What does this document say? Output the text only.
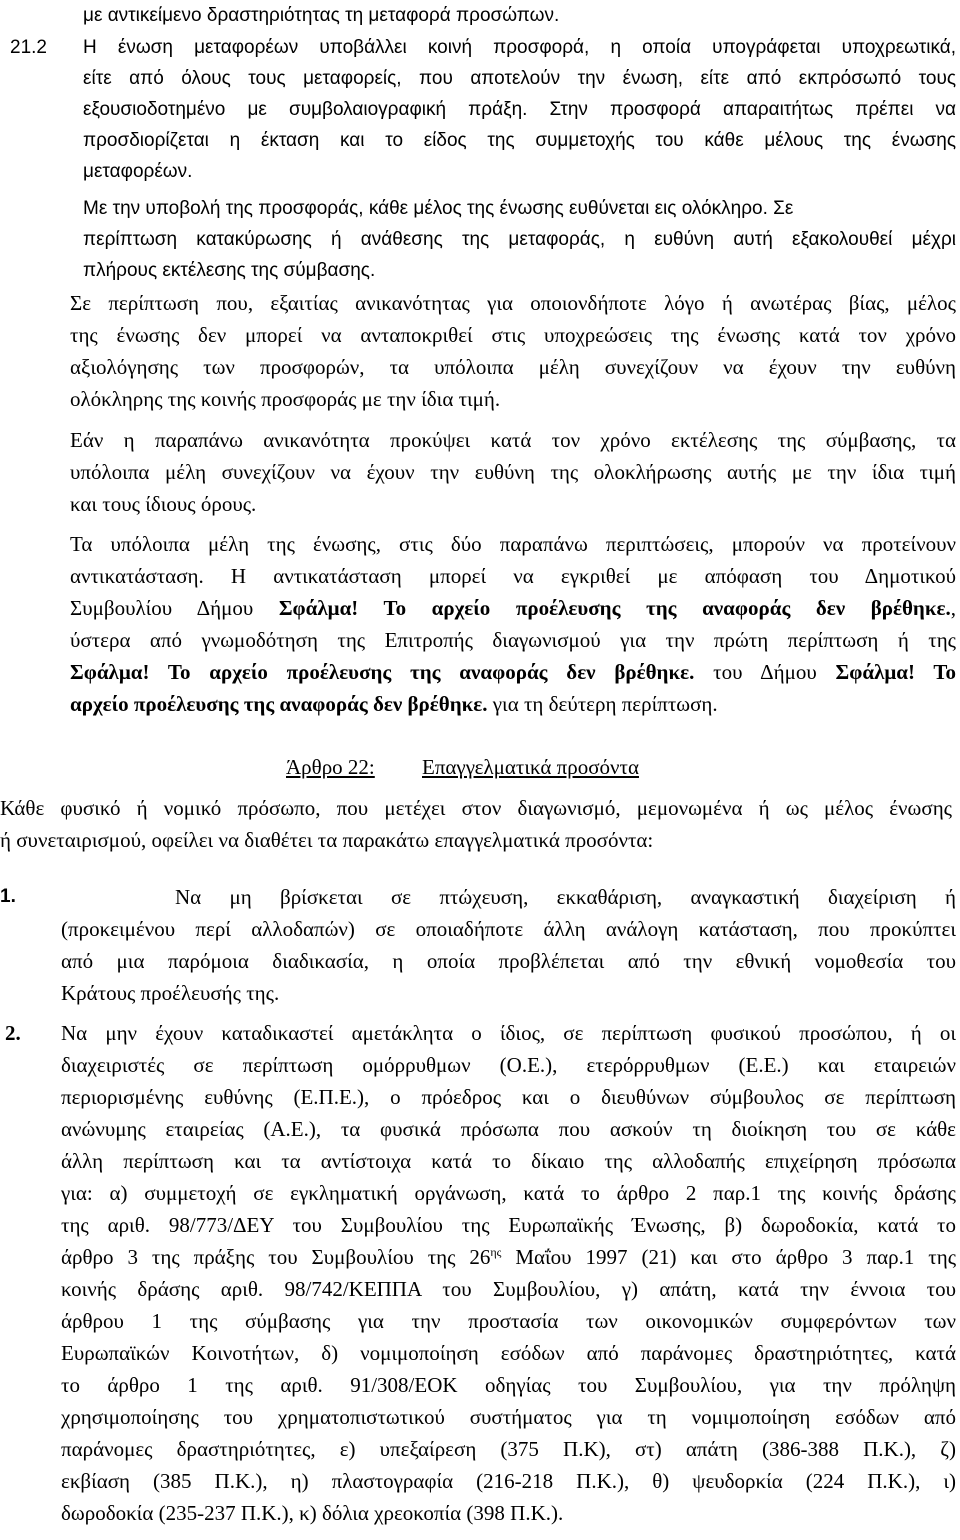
με αντικείμενο δραστηριότητας τη μεταφορά προσώπων.
21.2 Η ένωση μεταφορέων υποβάλλει κοινή προσφορά, η οποία υπογράφεται υποχρεωτικά,
είτε από όλους τους μεταφορείς, που αποτελούν την ένωση, είτε από εκπρόσωπό τους
εξουσιοδοτημένο με συμβολαιογραφική πράξη. Στην προσφορά απαραιτήτως πρέπει να
προσδιορίζεται η έκταση και το είδος της συμμετοχής του κάθε μέλους της ένωσης
μεταφορέων.
Με την υποβολή της προσφοράς, κάθε μέλος της ένωσης ευθύνεται εις ολόκληρο. Σε
περίπτωση κατακύρωσης ή ανάθεσης της μεταφοράς, η ευθύνη αυτή εξακολουθεί μέχρι
πλήρους εκτέλεσης της σύμβασης.
Σε περίπτωση που, εξαιτίας ανικανότητας για οποιονδήποτε λόγο ή ανωτέρας βίας, μέλος
της ένωσης δεν μπορεί να ανταποκριθεί στις υποχρεώσεις της ένωσης κατά τον χρόνο
αξιολόγησης των προσφορών, τα υπόλοιπα μέλη συνεχίζουν να έχουν την ευθύνη
ολόκληρης της κοινής προσφοράς με την ίδια τιμή.
Εάν η παραπάνω ανικανότητα προκύψει κατά τον χρόνο εκτέλεσης της σύμβασης, τα
υπόλοιπα μέλη συνεχίζουν να έχουν την ευθύνη της ολοκλήρωσης αυτής με την ίδια τιμή
και τους ίδιους όρους.
Τα υπόλοιπα μέλη της ένωσης, στις δύο παραπάνω περιπτώσεις, μπορούν να προτείνουν
αντικατάσταση. Η αντικατάσταση μπορεί να εγκριθεί με απόφαση του Δημοτικού
Συμβουλίου Δήμου Σφάλμα! Το αρχείο προέλευσης της αναφοράς δεν βρέθηκε.,
ύστερα από γνωμοδότηση της Επιτροπής διαγωνισμού για την πρώτη περίπτωση ή της
Σφάλμα! Το αρχείο προέλευσης της αναφοράς δεν βρέθηκε. του Δήμου Σφάλμα! Το
αρχείο προέλευσης της αναφοράς δεν βρέθηκε. για τη δεύτερη περίπτωση.
Άρθρο 22: Επαγγελματικά προσόντα
Κάθε φυσικό ή νομικό πρόσωπο, που μετέχει στον διαγωνισμό, μεμονωμένα ή ως μέλος ένωσης
ή συνεταιρισμού, οφείλει να διαθέτει τα παρακάτω επαγγελματικά προσόντα:
1.	Να μη βρίσκεται σε πτώχευση, εκκαθάριση, αναγκαστική διαχείριση ή
(προκειμένου περί αλλοδαπών) σε οποιαδήποτε άλλη ανάλογη κατάσταση, που προκύπτει
από μια παρόμοια διαδικασία, η οποία προβλέπεται από την εθνική νομοθεσία του
Κράτους προέλευσής της.
2. Να μην έχουν καταδικαστεί αμετάκλητα ο ίδιος, σε περίπτωση φυσικού προσώπου, ή οι
διαχειριστές σε περίπτωση ομόρρυθμων (Ο.Ε.), ετερόρρυθμων (Ε.Ε.) και εταιρειών
περιορισμένης ευθύνης (Ε.Π.Ε.), ο πρόεδρος και ο διευθύνων σύμβουλος σε περίπτωση
ανώνυμης εταιρείας (Α.Ε.), τα φυσικά πρόσωπα που ασκούν τη διοίκηση του σε κάθε
άλλη περίπτωση και τα αντίστοιχα κατά το δίκαιο της αλλοδαπής επιχείρηση πρόσωπα
για: α) συμμετοχή σε εγκληματική οργάνωση, κατά το άρθρο 2 παρ.1 της κοινής δράσης
της αριθ. 98/773/ΔΕΥ του Συμβουλίου της Ευρωπαϊκής Ένωσης, β) δωροδοκία, κατά το
άρθρο 3 της πράξης του Συμβουλίου της $26^{\eta\varsigma}$ Μαΐου 1997 (21) και στο άρθρο 3 παρ.1 της
κοινής δράσης αριθ. 98/742/ΚΕΠΠΑ του Συμβουλίου, γ) απάτη, κατά την έννοια του
άρθρου 1 της σύμβασης για την προστασία των οικονομικών συμφερόντων των
Ευρωπαϊκών Κοινοτήτων, δ) νομιμοποίηση εσόδων από παράνομες δραστηριότητες, κατά
το άρθρο 1 της αριθ. 91/308/ΕΟΚ οδηγίας του Συμβουλίου, για την πρόληψη
χρησιμοποίησης του χρηματοπιστωτικού συστήματος για τη νομιμοποίηση εσόδων από
παράνομες δραστηριότητες, ε) υπεξαίρεση (375 Π.Κ), στ) απάτη (386-388 Π.Κ.), ζ)
εκβίαση (385 Π.Κ.), η) πλαστογραφία (216-218 Π.Κ.), θ) ψευδορκία (224 Π.Κ.), ι)
δωροδοκία (235-237 Π.Κ.), κ) δόλια χρεοκοπία (398 Π.Κ.).
